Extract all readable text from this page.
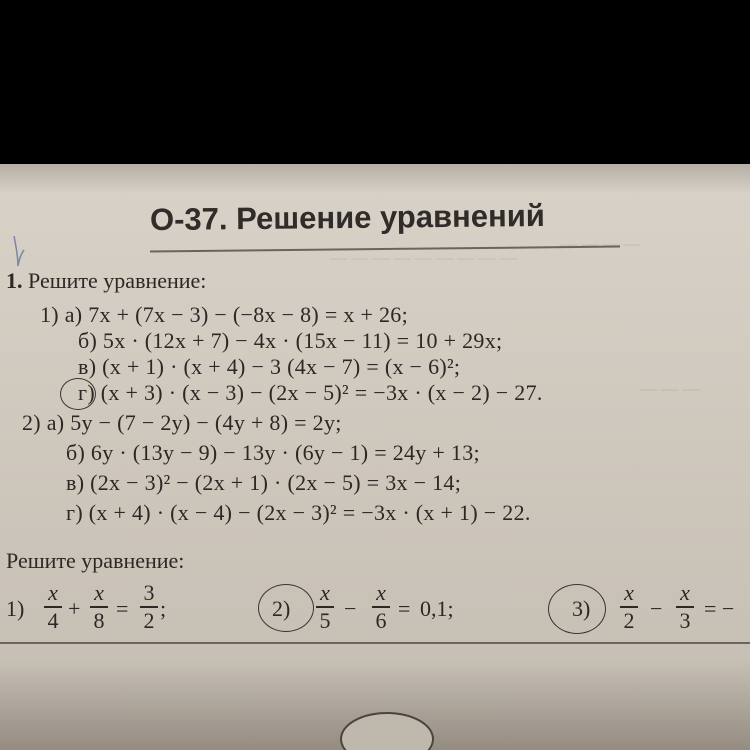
— — — — — — — — —
— — — —
— — —
О-37. Решение уравнений
1. Решите уравнение:
1) а) 7x + (7x − 3) − (−8x − 8) = x + 26;
б) 5x · (12x + 7) − 4x · (15x − 11) = 10 + 29x;
в) (x + 1) · (x + 4) − 3 (4x − 7) = (x − 6)²;
г) (x + 3) · (x − 3) − (2x − 5)² = −3x · (x − 2) − 27.
2) а) 5y − (7 − 2y) − (4y + 8) = 2y;
б) 6y · (13y − 9) − 13y · (6y − 1) = 24y + 13;
в) (2x − 3)² − (2x + 1) · (2x − 5) = 3x − 14;
г) (x + 4) · (x − 4) − (2x − 3)² = −3x · (x + 1) − 22.
Решите уравнение:
1)
x
4 +
x
8 =
3
2 ;	2)
x
5 −
x
6 = 0,1;	3)
x
2 −
x
3 = −
